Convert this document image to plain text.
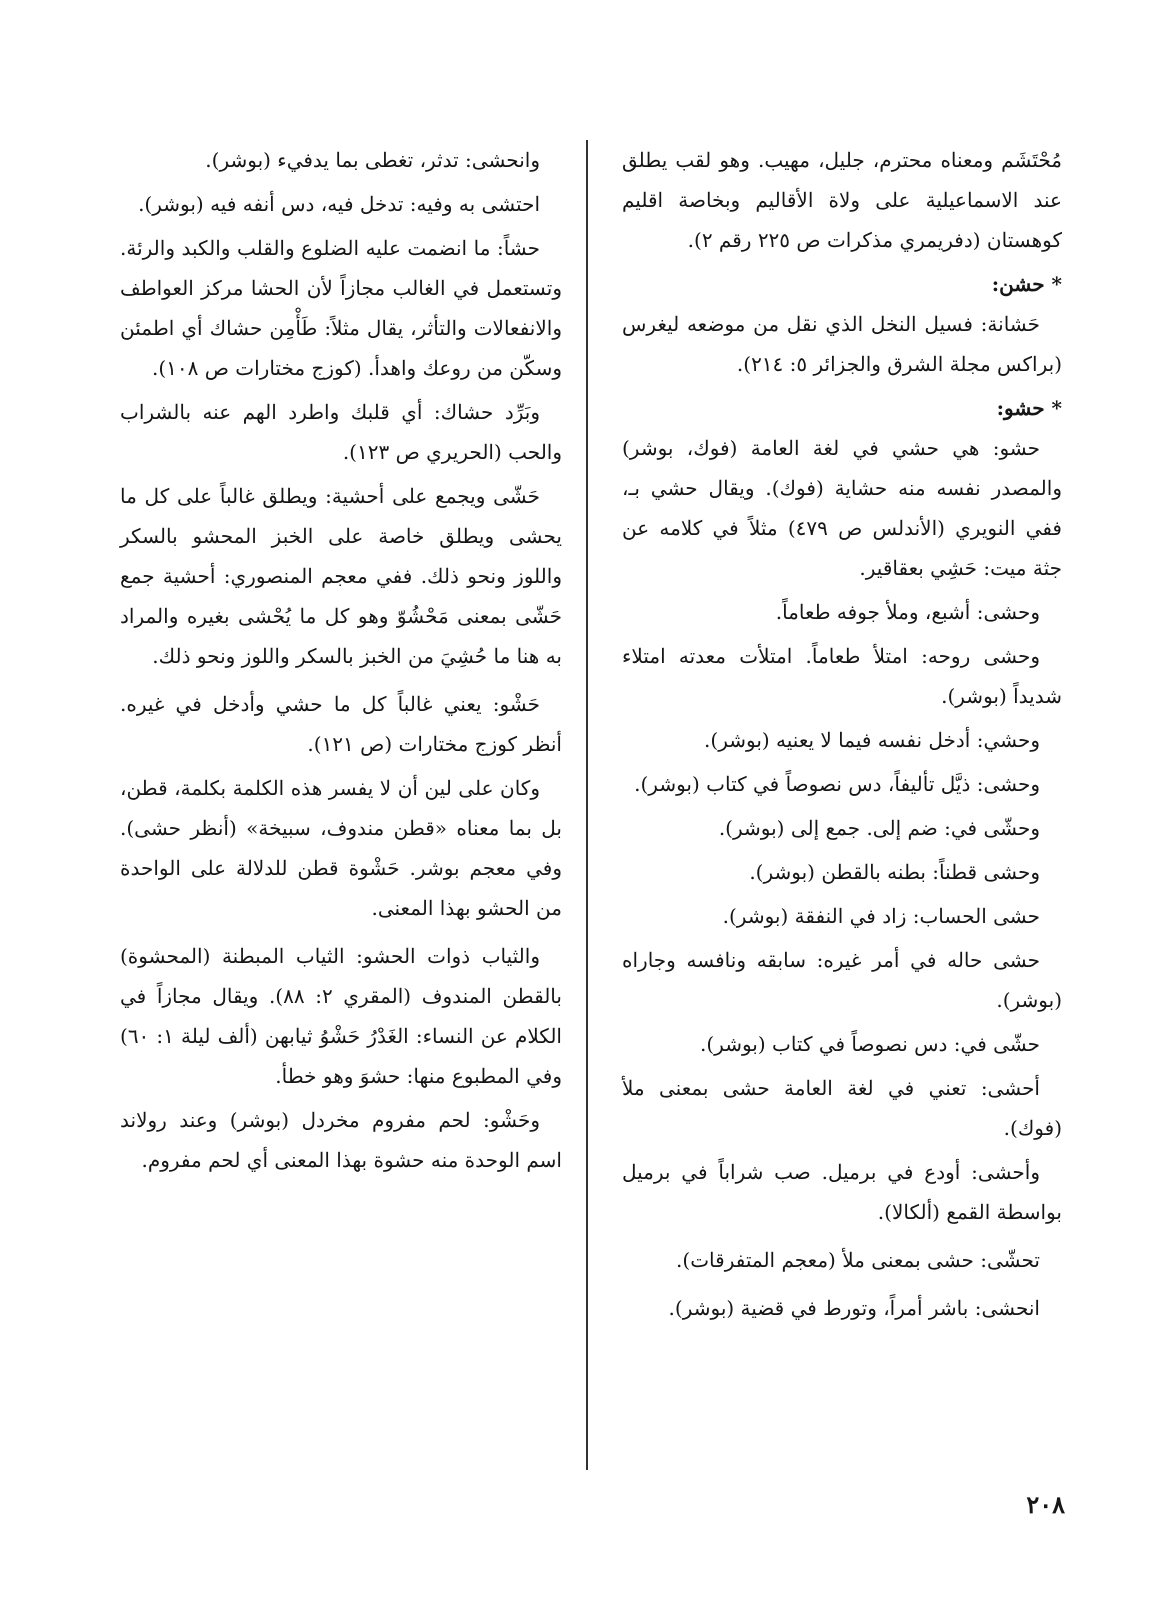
مُحْتَشَم ومعناه محترم، جليل، مهيب. وهو لقب يطلق عند الاسماعيلية على ولاة الأقاليم وبخاصة اقليم كوهستان (دفريمري مذكرات ص ٢٢٥ رقم ٢).

* حشن:

حَشانة: فسيل النخل الذي نقل من موضعه ليغرس (براكس مجلة الشرق والجزائر ٥: ٢١٤).

* حشو:

حشو: هي حشي في لغة العامة (فوك، بوشر) والمصدر نفسه منه حشاية (فوك). ويقال حشي بـ، ففي النويري (الأندلس ص ٤٧٩) مثلاً في كلامه عن جثة ميت: حَشِي بعقاقير.

وحشى: أشبع، وملأ جوفه طعاماً.

وحشى روحه: امتلأ طعاماً. امتلأت معدته امتلاء شديداً (بوشر).

وحشي: أدخل نفسه فيما لا يعنيه (بوشر).

وحشى: ذيَّل تأليفاً، دس نصوصاً في كتاب (بوشر).

وحشّى في: ضم إلى. جمع إلى (بوشر).

وحشى قطناً: بطنه بالقطن (بوشر).

حشى الحساب: زاد في النفقة (بوشر).

حشى حاله في أمر غيره: سابقه ونافسه وجاراه (بوشر).

حشّى في: دس نصوصاً في كتاب (بوشر).

أحشى: تعني في لغة العامة حشى بمعنى ملأ (فوك).

وأحشى: أودع في برميل. صب شراباً في برميل بواسطة القمع (ألكالا).

تحشّى: حشى بمعنى ملأ (معجم المتفرقات).

انحشى: باشر أمراً، وتورط في قضية (بوشر).

وانحشى: تدثر، تغطى بما يدفيء (بوشر).

احتشى به وفيه: تدخل فيه، دس أنفه فيه (بوشر).

حشاً: ما انضمت عليه الضلوع والقلب والكبد والرئة. وتستعمل في الغالب مجازاً لأن الحشا مركز العواطف والانفعالات والتأثر، يقال مثلاً: طَأْمِن حشاك أي اطمئن وسكّن من روعك واهدأ. (كوزج مختارات ص ١٠٨).

وبَرِّد حشاك: أي قلبك واطرد الهم عنه بالشراب والحب (الحريري ص ١٢٣).

حَشّى ويجمع على أحشية: ويطلق غالباً على كل ما يحشى ويطلق خاصة على الخبز المحشو بالسكر واللوز ونحو ذلك. ففي معجم المنصوري: أحشية جمع حَشّى بمعنى مَحْشُوّ وهو كل ما يُحْشى بغيره والمراد به هنا ما حُشِيَ من الخبز بالسكر واللوز ونحو ذلك.

حَشْو: يعني غالباً كل ما حشي وأدخل في غيره. أنظر كوزج مختارات (ص ١٢١).

وكان على لين أن لا يفسر هذه الكلمة بكلمة، قطن، بل بما معناه «قطن مندوف، سبيخة» (أنظر حشى). وفي معجم بوشر. حَشْوة قطن للدلالة على الواحدة من الحشو بهذا المعنى.

والثياب ذوات الحشو: الثياب المبطنة (المحشوة) بالقطن المندوف (المقري ٢: ٨٨). ويقال مجازاً في الكلام عن النساء: الغَدْرُ حَشْوُ ثيابهن (ألف ليلة ١: ٦٠) وفي المطبوع منها: حشوَ وهو خطأ.

وحَشْو: لحم مفروم مخردل (بوشر) وعند رولاند اسم الوحدة منه حشوة بهذا المعنى أي لحم مفروم.

٢٠٨
